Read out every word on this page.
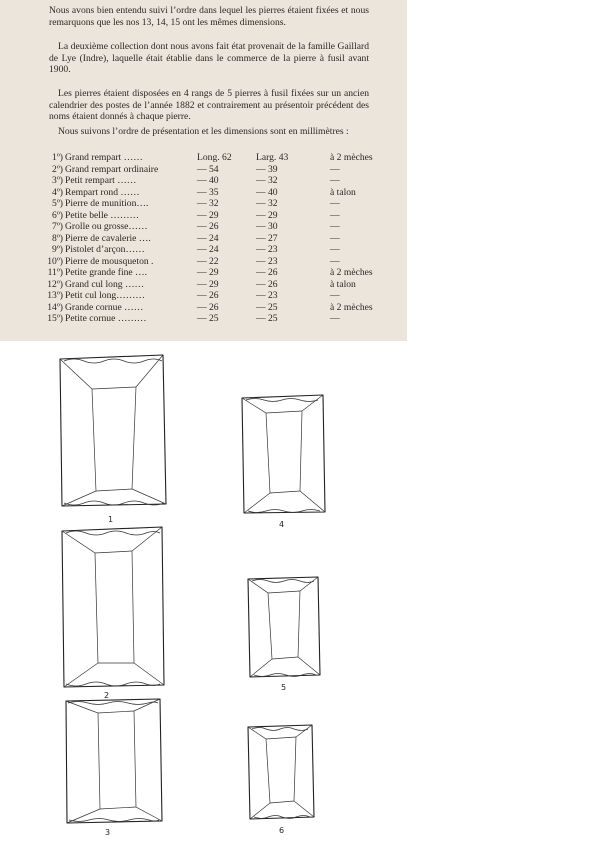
Nous avons bien entendu suivi l’ordre dans lequel les pierres étaient fixées et nous remarquons que les nos 13, 14, 15 ont les mêmes dimensions.

La deuxième collection dont nous avons fait état provenait de la famille Gaillard de Lye (Indre), laquelle était établie dans le commerce de la pierre à fusil avant 1900.

Les pierres étaient disposées en 4 rangs de 5 pierres à fusil fixées sur un ancien calendrier des postes de l’année 1882 et contrairement au présentoir précédent des noms étaient donnés à chaque pierre.

Nous suivons l’ordre de présentation et les dimensions sont en millimètres :

1º) Grand rempart ……	Long. 62	Larg. 43	à 2 mèches
2º) Grand rempart ordinaire	— 54	— 39	—
3º) Petit rempart ……	— 40	— 32	—
4º) Rempart rond ……	— 35	— 40	à talon
5º) Pierre de munition….	— 32	— 32	—
6º) Petite belle ………	— 29	— 29	—
7º) Grolle ou grosse……	— 26	— 30	—
8º) Pierre de cavalerie ….	— 24	— 27	—
9º) Pistolet d’arçon……	— 24	— 23	—
10º) Pierre de mousqueton .	— 22	— 23	—
11º) Petite grande fine ….	— 29	— 26	à 2 mèches
12º) Grand cul long ……	— 29	— 26	à talon
13º) Petit cul long………	— 26	— 23	—
14º) Grande cornue ……	— 26	— 25	à 2 mèches
15º) Petite cornue ………	— 25	— 25	—
1
2
3
4
5
6
